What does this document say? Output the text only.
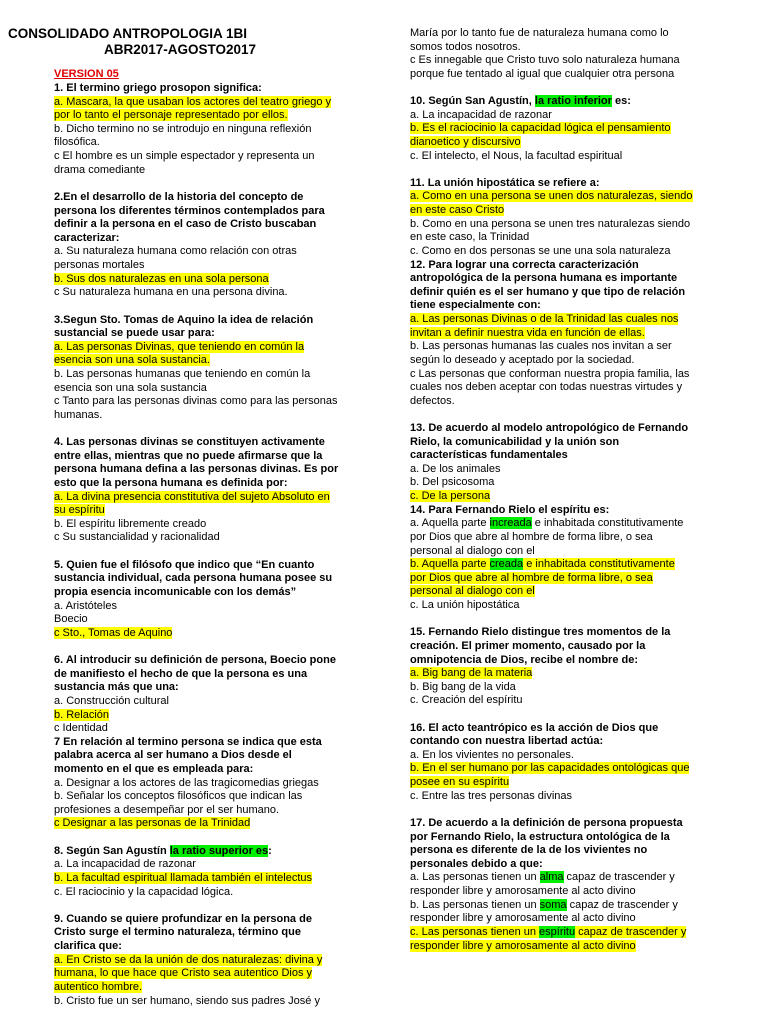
CONSOLIDADO ANTROPOLOGIA 1BI
ABR2017-AGOSTO2017
VERSION 05
1. El termino griego prosopon significa:
a. Mascara, la que usaban los actores del teatro griego y
por lo tanto el personaje representado por ellos.
b. Dicho termino no se introdujo en ninguna reflexión
filosófica.
c El hombre es un simple espectador y representa un
drama comediante
2.En el desarrollo de la historia del concepto de
persona los diferentes términos contemplados para
definir a la persona en el caso de Cristo buscaban
caracterizar:
a. Su naturaleza humana como relación con otras
personas mortales
b. Sus dos naturalezas en una sola persona
c Su naturaleza humana en una persona divina.
3.Segun Sto. Tomas de Aquino la idea de relación
sustancial se puede usar para:
a. Las personas Divinas, que teniendo en común la
esencia son una sola sustancia.
b. Las personas humanas que teniendo en común la
esencia son una sola sustancia
c Tanto para las personas divinas como para las personas
humanas.
4. Las personas divinas se constituyen activamente
entre ellas, mientras que no puede afirmarse que la
persona humana defina a las personas divinas. Es por
esto que la persona humana es definida por:
a. La divina presencia constitutiva del sujeto Absoluto en
su espíritu
b. El espíritu libremente creado
c Su sustancialidad y racionalidad
5. Quien fue el filósofo que indico que “En cuanto
sustancia individual, cada persona humana posee su
propia esencia incomunicable con los demás”
a. Aristóteles
Boecio
c Sto., Tomas de Aquino
6. Al introducir su definición de persona, Boecio pone
de manifiesto el hecho de que la persona es una
sustancia más que una:
a. Construcción cultural
b. Relación
c Identidad
7 En relación al termino persona se indica que esta
palabra acerca al ser humano a Dios desde el
momento en el que es empleada para:
a. Designar a los actores de las tragicomedias griegas
b. Señalar los conceptos filosóficos que indican las
profesiones a desempeñar por el ser humano.
c Designar a las personas de la Trinidad
8. Según San Agustín la ratio superior es:
a. La incapacidad de razonar
b. La facultad espiritual llamada también el intelectus
c. El raciocinio y la capacidad lógica.
9. Cuando se quiere profundizar en la persona de
Cristo surge el termino naturaleza, término que
clarifica que:
a. En Cristo se da la unión de dos naturalezas: divina y
humana, lo que hace que Cristo sea autentico Dios y
autentico hombre.
b. Cristo fue un ser humano, siendo sus padres José y
María por lo tanto fue de naturaleza humana como lo
somos todos nosotros.
c Es innegable que Cristo tuvo solo naturaleza humana
porque fue tentado al igual que cualquier otra persona
10. Según San Agustín, la ratio inferior es:
a. La incapacidad de razonar
b. Es el raciocinio la capacidad lógica el pensamiento
dianoetico y discursivo
c. El intelecto, el Nous, la facultad espiritual
11. La unión hipostática se refiere a:
a. Como en una persona se unen dos naturalezas, siendo
en este caso Cristo
b. Como en una persona se unen tres naturalezas siendo
en este caso, la Trinidad
c. Como en dos personas se une una sola naturaleza
12. Para lograr una correcta caracterización
antropológica de la persona humana es importante
definir quién es el ser humano y que tipo de relación
tiene especialmente con:
a. Las personas Divinas o de la Trinidad las cuales nos
invitan a definir nuestra vida en función de ellas.
b. Las personas humanas las cuales nos invitan a ser
según lo deseado y aceptado por la sociedad.
c Las personas que conforman nuestra propia familia, las
cuales nos deben aceptar con todas nuestras virtudes y
defectos.
13. De acuerdo al modelo antropológico de Fernando
Rielo, la comunicabilidad y la unión son
características fundamentales
a. De los animales
b. Del psicosoma
c. De la persona
14. Para Fernando Rielo el espíritu es:
a. Aquella parte increada e inhabitada constitutivamente
por Dios que abre al hombre de forma libre, o sea
personal al dialogo con el
b. Aquella parte creada e inhabitada constitutivamente
por Dios que abre al hombre de forma libre, o sea
personal al dialogo con el
c. La unión hipostática
15. Fernando Rielo distingue tres momentos de la
creación. El primer momento, causado por la
omnipotencia de Dios, recibe el nombre de:
a. Big bang de la materia
b. Big bang de la vida
c. Creación del espíritu
16. El acto teantrópico es la acción de Dios que
contando con nuestra libertad actúa:
a. En los vivientes no personales.
b. En el ser humano por las capacidades ontológicas que
posee en su espíritu
c. Entre las tres personas divinas
17. De acuerdo a la definición de persona propuesta
por Fernando Rielo, la estructura ontológica de la
persona es diferente de la de los vivientes no
personales debido a que:
a. Las personas tienen un alma capaz de trascender y
responder libre y amorosamente al acto divino
b. Las personas tienen un soma capaz de trascender y
responder libre y amorosamente al acto divino
c. Las personas tienen un espíritu capaz de trascender y
responder libre y amorosamente al acto divino
